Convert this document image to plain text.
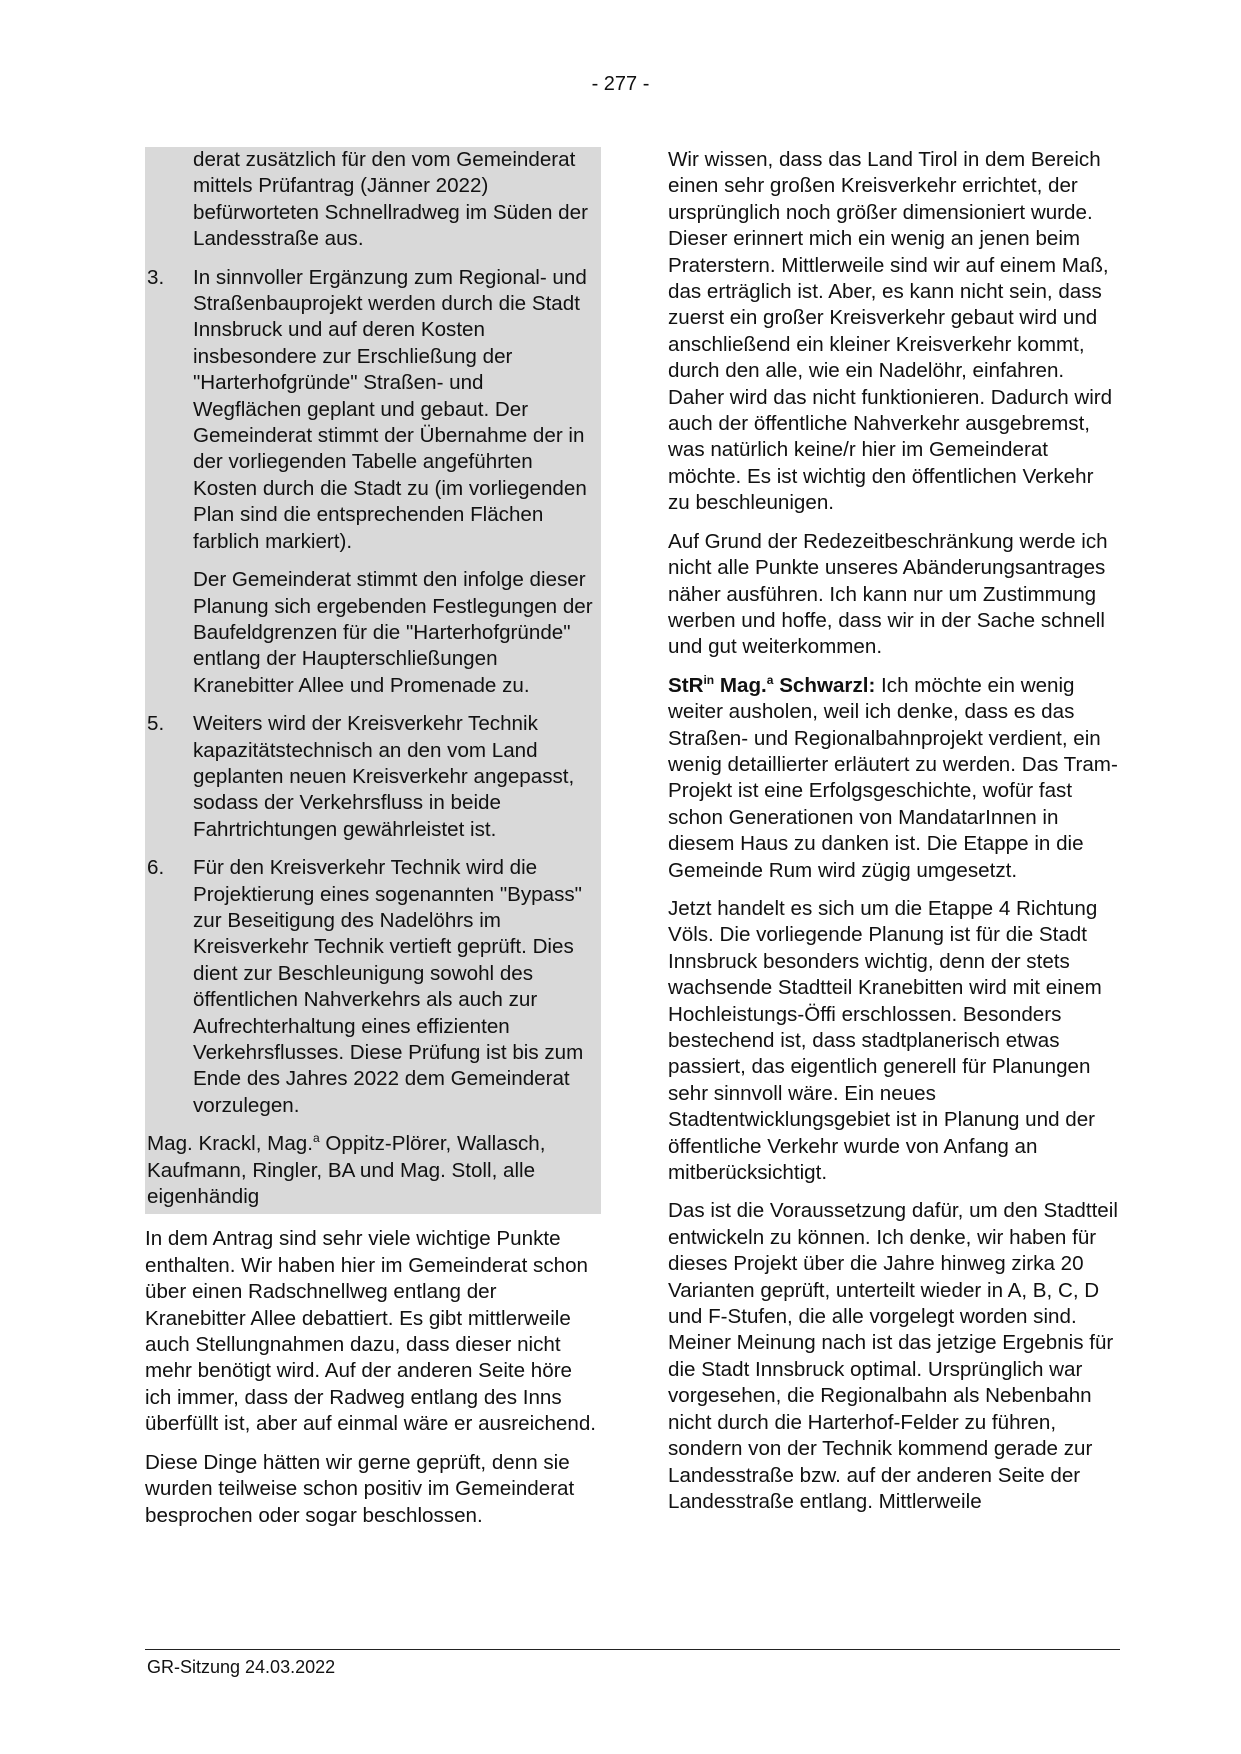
- 277 -

derat zusätzlich für den vom Gemeinderat mittels Prüfantrag (Jänner 2022) befürworteten Schnellradweg im Süden der Landesstraße aus.

3.	In sinnvoller Ergänzung zum Regional- und Straßenbauprojekt werden durch die Stadt Innsbruck und auf deren Kosten insbesondere zur Erschließung der "Harterhofgründe" Straßen- und Wegflächen geplant und gebaut. Der Gemeinderat stimmt der Übernahme der in der vorliegenden Tabelle angeführten Kosten durch die Stadt zu (im vorliegenden Plan sind die entsprechenden Flächen farblich markiert).

Der Gemeinderat stimmt den infolge dieser Planung sich ergebenden Festlegungen der Baufeldgrenzen für die "Harterhofgründe" entlang der Haupterschließungen Kranebitter Allee und Promenade zu.

5.	Weiters wird der Kreisverkehr Technik kapazitätstechnisch an den vom Land geplanten neuen Kreisverkehr angepasst, sodass der Verkehrsfluss in beide Fahrtrichtungen gewährleistet ist.
6.	Für den Kreisverkehr Technik wird die Projektierung eines sogenannten "Bypass" zur Beseitigung des Nadelöhrs im Kreisverkehr Technik vertieft geprüft. Dies dient zur Beschleunigung sowohl des öffentlichen Nahverkehrs als auch zur Aufrechterhaltung eines effizienten Verkehrsflusses. Diese Prüfung ist bis zum Ende des Jahres 2022 dem Gemeinderat vorzulegen.

Mag. Krackl, Mag.$^a$ Oppitz-Plörer, Wallasch, Kaufmann, Ringler, BA und Mag. Stoll, alle eigenhändig

In dem Antrag sind sehr viele wichtige Punkte enthalten. Wir haben hier im Gemeinderat schon über einen Radschnellweg entlang der Kranebitter Allee debattiert. Es gibt mittlerweile auch Stellungnahmen dazu, dass dieser nicht mehr benötigt wird. Auf der anderen Seite höre ich immer, dass der Radweg entlang des Inns überfüllt ist, aber auf einmal wäre er ausreichend.

Diese Dinge hätten wir gerne geprüft, denn sie wurden teilweise schon positiv im Gemeinderat besprochen oder sogar beschlossen.

Wir wissen, dass das Land Tirol in dem Bereich einen sehr großen Kreisverkehr errichtet, der ursprünglich noch größer dimensioniert wurde. Dieser erinnert mich ein wenig an jenen beim Praterstern. Mittlerweile sind wir auf einem Maß, das erträglich ist. Aber, es kann nicht sein, dass zuerst ein großer Kreisverkehr gebaut wird und anschließend ein kleiner Kreisverkehr kommt, durch den alle, wie ein Nadelöhr, einfahren. Daher wird das nicht funktionieren. Dadurch wird auch der öffentliche Nahverkehr ausgebremst, was natürlich keine/r hier im Gemeinderat möchte. Es ist wichtig den öffentlichen Verkehr zu beschleunigen.

Auf Grund der Redezeitbeschränkung werde ich nicht alle Punkte unseres Abänderungsantrages näher ausführen. Ich kann nur um Zustimmung werben und hoffe, dass wir in der Sache schnell und gut weiterkommen.

StR$^{in}$ Mag.$^a$ Schwarzl: Ich möchte ein wenig weiter ausholen, weil ich denke, dass es das Straßen- und Regionalbahnprojekt verdient, ein wenig detaillierter erläutert zu werden. Das Tram-Projekt ist eine Erfolgsgeschichte, wofür fast schon Generationen von MandatarInnen in diesem Haus zu danken ist. Die Etappe in die Gemeinde Rum wird zügig umgesetzt.

Jetzt handelt es sich um die Etappe 4 Richtung Völs. Die vorliegende Planung ist für die Stadt Innsbruck besonders wichtig, denn der stets wachsende Stadtteil Kranebitten wird mit einem Hochleistungs-Öffi erschlossen. Besonders bestechend ist, dass stadtplanerisch etwas passiert, das eigentlich generell für Planungen sehr sinnvoll wäre. Ein neues Stadtentwicklungsgebiet ist in Planung und der öffentliche Verkehr wurde von Anfang an mitberücksichtigt.

Das ist die Voraussetzung dafür, um den Stadtteil entwickeln zu können. Ich denke, wir haben für dieses Projekt über die Jahre hinweg zirka 20 Varianten geprüft, unterteilt wieder in A, B, C, D und F-Stufen, die alle vorgelegt worden sind. Meiner Meinung nach ist das jetzige Ergebnis für die Stadt Innsbruck optimal. Ursprünglich war vorgesehen, die Regionalbahn als Nebenbahn nicht durch die Harterhof-Felder zu führen, sondern von der Technik kommend gerade zur Landesstraße bzw. auf der anderen Seite der Landesstraße entlang. Mittlerweile

GR-Sitzung 24.03.2022
